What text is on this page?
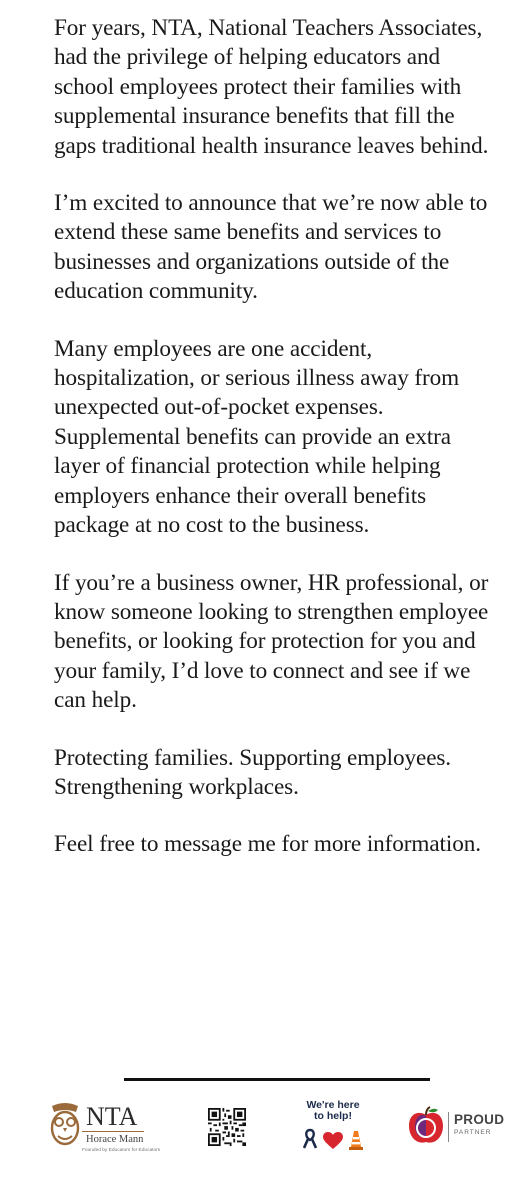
For years, NTA, National Teachers Associates, had the privilege of helping educators and school employees protect their families with supplemental insurance benefits that fill the gaps traditional health insurance leaves behind.

I’m excited to announce that we’re now able to extend these same benefits and services to businesses and organizations outside of the education community.

Many employees are one accident, hospitalization, or serious illness away from unexpected out-of-pocket expenses. Supplemental benefits can provide an extra layer of financial protection while helping employers enhance their overall benefits package at no cost to the business.

If you’re a business owner, HR professional, or know someone looking to strengthen employee benefits, or looking for protection for you and your family, I’d love to connect and see if we can help.

Protecting families. Supporting employees. Strengthening workplaces.

Feel free to message me for more information.

NTA
Horace Mann
Founded by Educators for Educators
We're here
to help!
	PROUD
PARTNER
